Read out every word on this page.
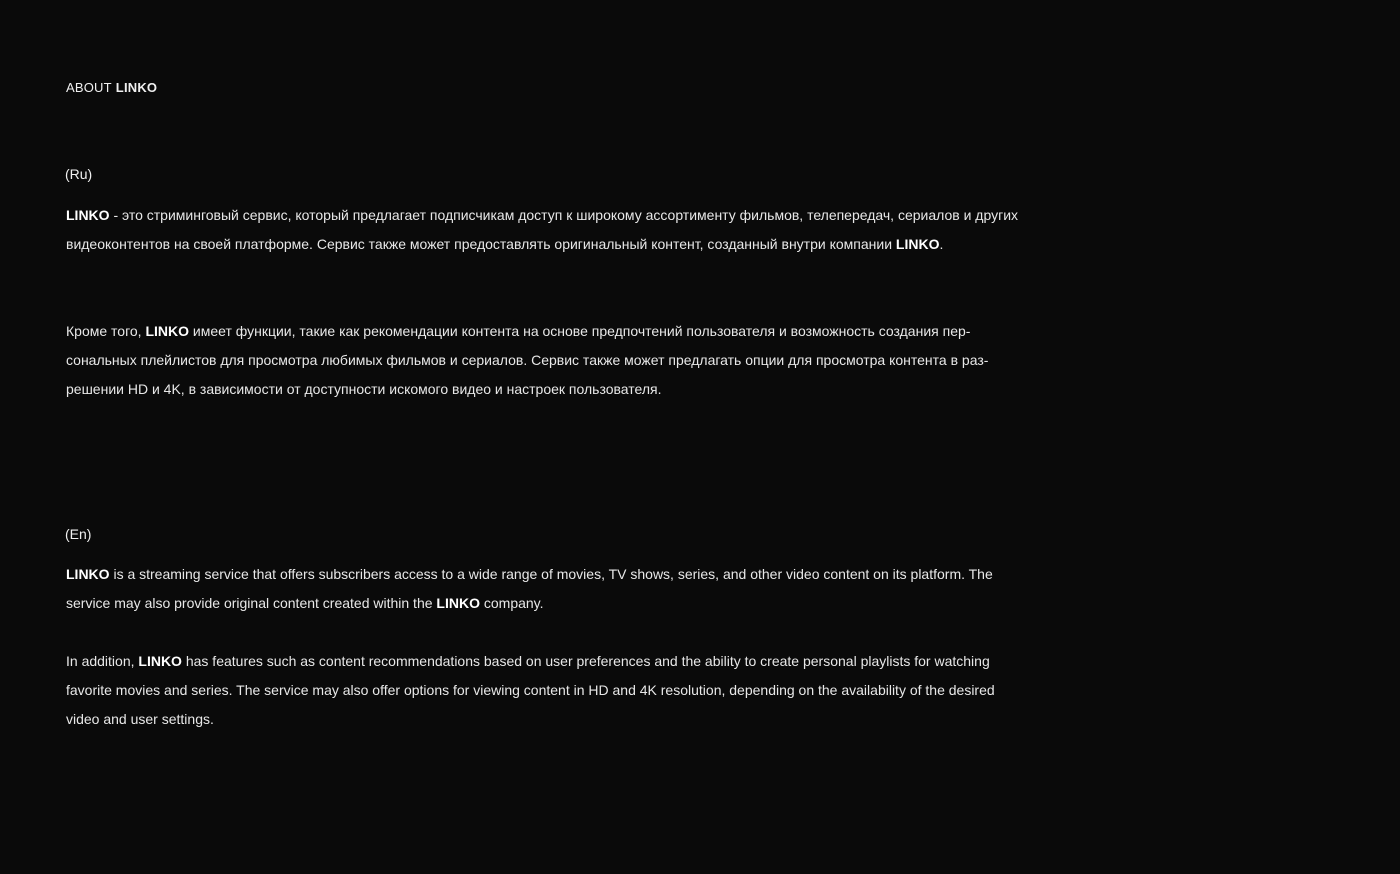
ABOUT LINKO
(Ru)
LINKO - это стриминговый сервис, который предлагает подписчикам доступ к широкому ассортименту фильмов, телепередач, сериалов и других видеоконтентов на своей платформе. Сервис также может предоставлять оригинальный контент, созданный внутри компании LINKO.
Кроме того, LINKO имеет функции, такие как рекомендации контента на основе предпочтений пользователя и возможность создания персональных плейлистов для просмотра любимых фильмов и сериалов. Сервис также может предлагать опции для просмотра контента в разрешении HD и 4K, в зависимости от доступности искомого видео и настроек пользователя.
(En)
LINKO is a streaming service that offers subscribers access to a wide range of movies, TV shows, series, and other video content on its platform. The service may also provide original content created within the LINKO company.
In addition, LINKO has features such as content recommendations based on user preferences and the ability to create personal playlists for watching favorite movies and series. The service may also offer options for viewing content in HD and 4K resolution, depending on the availability of the desired video and user settings.
